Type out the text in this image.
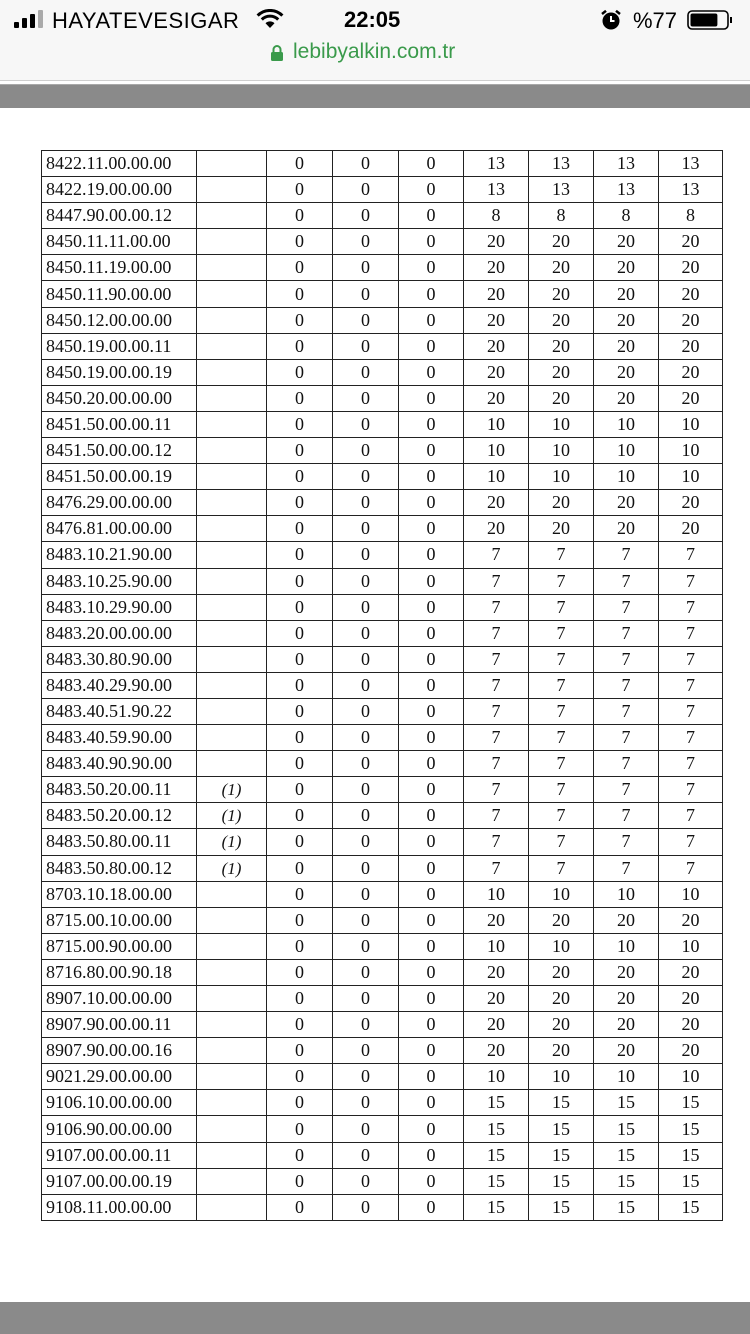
HAYATEVESIGAR	22:05	%77
lebibyalkin.com.tr
8422.11.00.00.00		0	0	0	13	13	13	13
8422.19.00.00.00		0	0	0	13	13	13	13
8447.90.00.00.12		0	0	0	8	8	8	8
8450.11.11.00.00		0	0	0	20	20	20	20
8450.11.19.00.00		0	0	0	20	20	20	20
8450.11.90.00.00		0	0	0	20	20	20	20
8450.12.00.00.00		0	0	0	20	20	20	20
8450.19.00.00.11		0	0	0	20	20	20	20
8450.19.00.00.19		0	0	0	20	20	20	20
8450.20.00.00.00		0	0	0	20	20	20	20
8451.50.00.00.11		0	0	0	10	10	10	10
8451.50.00.00.12		0	0	0	10	10	10	10
8451.50.00.00.19		0	0	0	10	10	10	10
8476.29.00.00.00		0	0	0	20	20	20	20
8476.81.00.00.00		0	0	0	20	20	20	20
8483.10.21.90.00		0	0	0	7	7	7	7
8483.10.25.90.00		0	0	0	7	7	7	7
8483.10.29.90.00		0	0	0	7	7	7	7
8483.20.00.00.00		0	0	0	7	7	7	7
8483.30.80.90.00		0	0	0	7	7	7	7
8483.40.29.90.00		0	0	0	7	7	7	7
8483.40.51.90.22		0	0	0	7	7	7	7
8483.40.59.90.00		0	0	0	7	7	7	7
8483.40.90.90.00		0	0	0	7	7	7	7
8483.50.20.00.11	(1)	0	0	0	7	7	7	7
8483.50.20.00.12	(1)	0	0	0	7	7	7	7
8483.50.80.00.11	(1)	0	0	0	7	7	7	7
8483.50.80.00.12	(1)	0	0	0	7	7	7	7
8703.10.18.00.00		0	0	0	10	10	10	10
8715.00.10.00.00		0	0	0	20	20	20	20
8715.00.90.00.00		0	0	0	10	10	10	10
8716.80.00.90.18		0	0	0	20	20	20	20
8907.10.00.00.00		0	0	0	20	20	20	20
8907.90.00.00.11		0	0	0	20	20	20	20
8907.90.00.00.16		0	0	0	20	20	20	20
9021.29.00.00.00		0	0	0	10	10	10	10
9106.10.00.00.00		0	0	0	15	15	15	15
9106.90.00.00.00		0	0	0	15	15	15	15
9107.00.00.00.11		0	0	0	15	15	15	15
9107.00.00.00.19		0	0	0	15	15	15	15
9108.11.00.00.00		0	0	0	15	15	15	15
